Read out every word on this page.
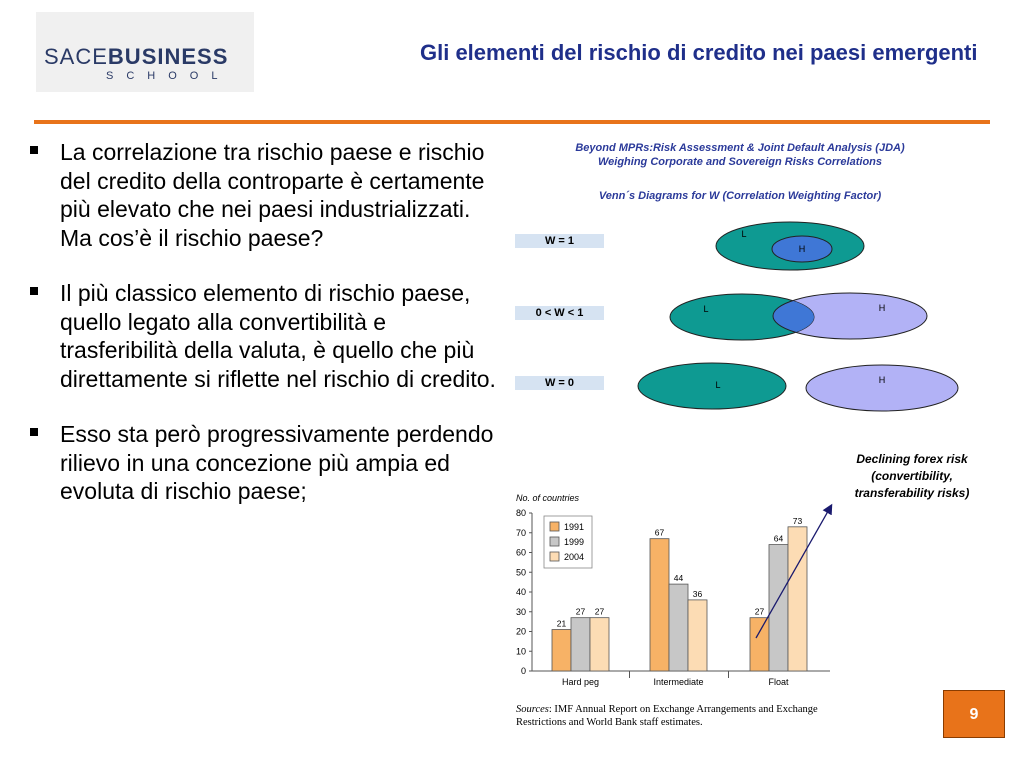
SACEBUSINESS
SCHOOL
Gli elementi del rischio di credito nei paesi emergenti
La correlazione tra rischio paese e rischio del credito della controparte è certamente più elevato che nei paesi industrializzati. Ma cos’è il rischio paese?
Il più classico elemento di rischio paese, quello legato alla convertibilità e trasferibilità della valuta, è quello che più direttamente si riflette nel rischio di credito.
Esso sta però progressivamente perdendo rilievo in una concezione più ampia ed evoluta di rischio paese;
Beyond MPRs:Risk Assessment & Joint Default Analysis (JDA)
Weighing Corporate and Sovereign Risks Correlations
Venn´s Diagrams for W (Correlation Weighting Factor)
W = 1
0 < W < 1
W = 0
L
H
L	H
L	H
Declining forex risk (convertibility, transferability risks)
No. of countries
0
10
20
30
40
50
60
70
80
21
27 27
Hard peg
67
44
36
Intermediate
27
64
73
Float
1991
1999
2004
Sources: IMF Annual Report on Exchange Arrangements and Exchange Restrictions and World Bank staff estimates.	9
